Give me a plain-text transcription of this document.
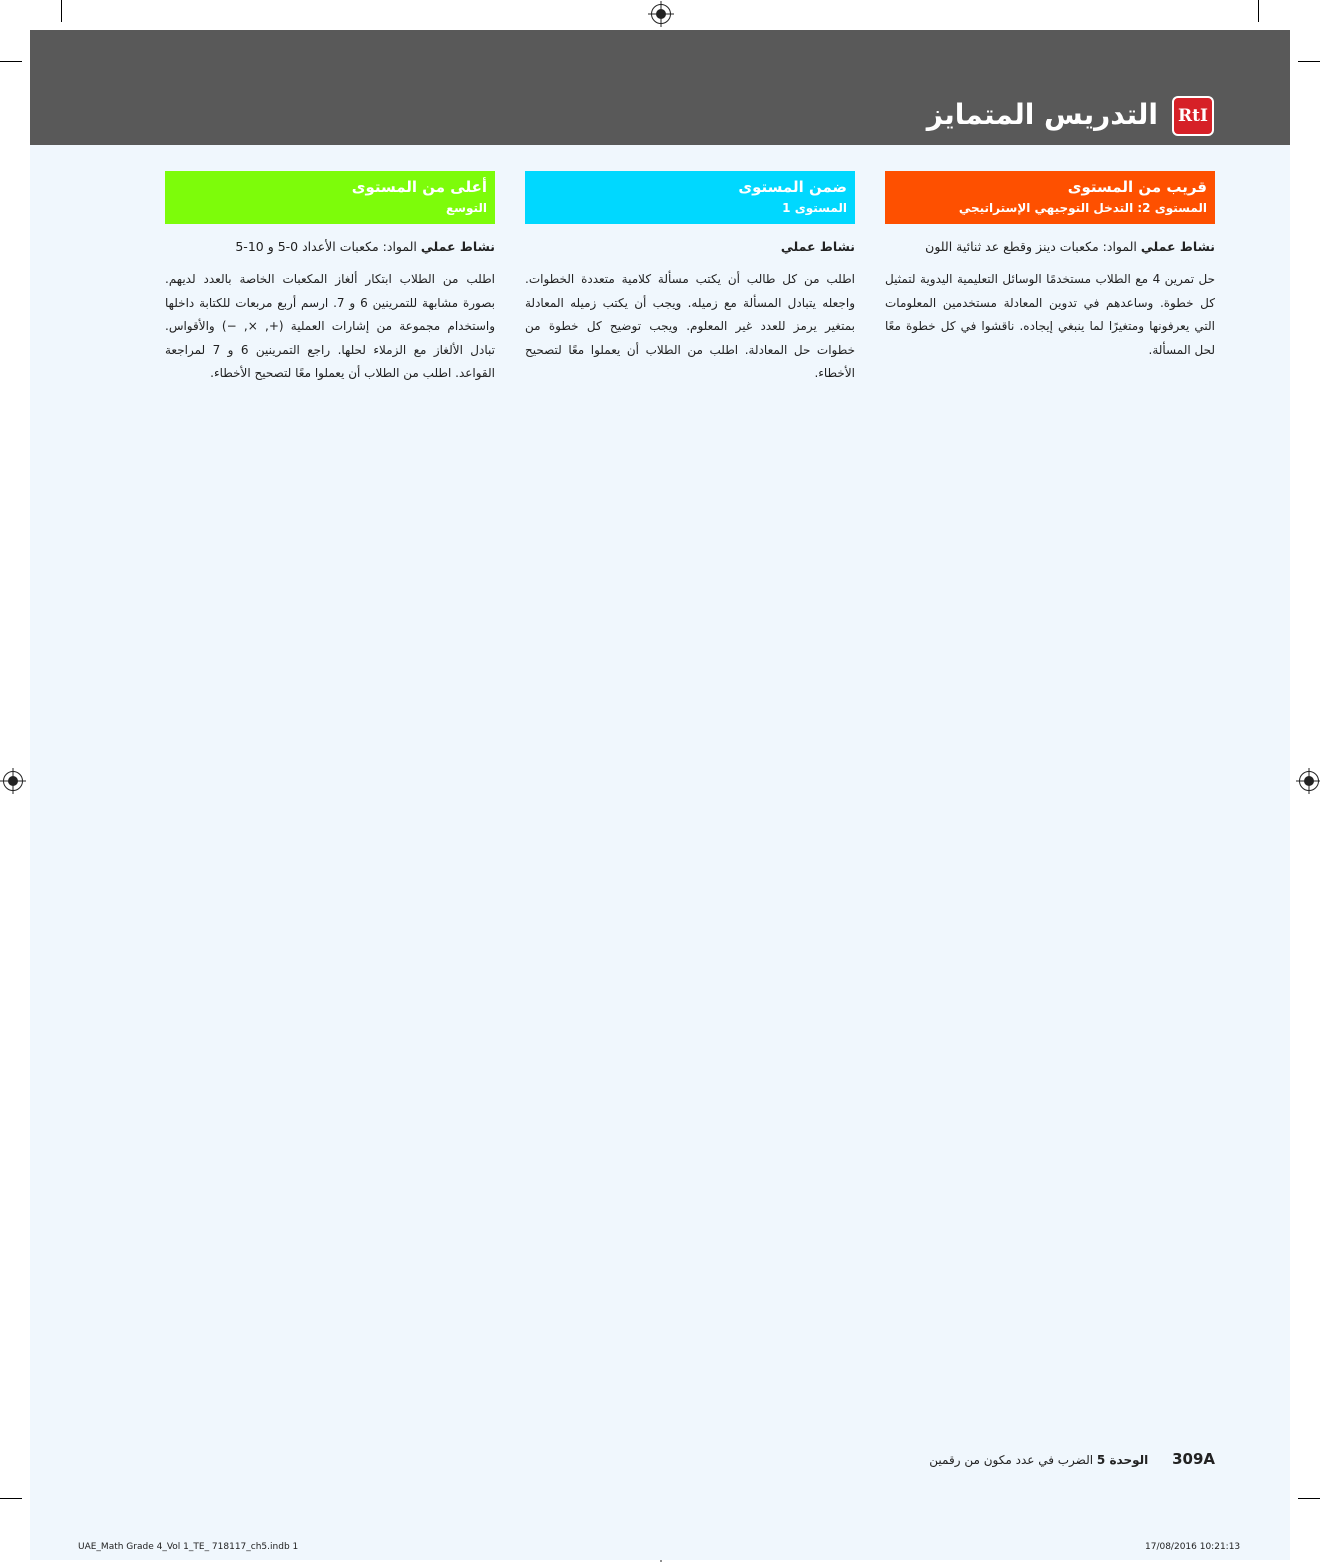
التدريس المتمايز	RtI
قريب من المستوى
المستوى 2: التدخل التوجيهي الإستراتيجي
نشاط عملي المواد: مكعبات دينز وقطع عد ثنائية اللون
حل تمرين 4 مع الطلاب مستخدمًا الوسائل التعليمية اليدوية لتمثيل كل خطوة. وساعدهم في تدوين المعادلة مستخدمين المعلومات التي يعرفونها ومتغيرًا لما ينبغي إيجاده. ناقشوا في كل خطوة معًا لحل المسألة.
ضمن المستوى
المستوى 1
نشاط عملي
اطلب من كل طالب أن يكتب مسألة كلامية متعددة الخطوات. واجعله يتبادل المسألة مع زميله. ويجب أن يكتب زميله المعادلة بمتغير يرمز للعدد غير المعلوم. ويجب توضيح كل خطوة من خطوات حل المعادلة. اطلب من الطلاب أن يعملوا معًا لتصحيح الأخطاء.
أعلى من المستوى
التوسع
نشاط عملي المواد: مكعبات الأعداد 0-5 و 10-5
اطلب من الطلاب ابتكار ألغاز المكعبات الخاصة بالعدد لديهم. بصورة مشابهة للتمرينين 6 و 7. ارسم أربع مربعات للكتابة داخلها واستخدام مجموعة من إشارات العملية (+, ×, −) والأقواس. تبادل الألغاز مع الزملاء لحلها. راجع التمرينين 6 و 7 لمراجعة القواعد. اطلب من الطلاب أن يعملوا معًا لتصحيح الأخطاء.
309A الوحدة 5 الضرب في عدد مكون من رقمين
UAE_Math Grade 4_Vol 1_TE_ 718117_ch5.indb 1	17/08/2016 10:21:13
